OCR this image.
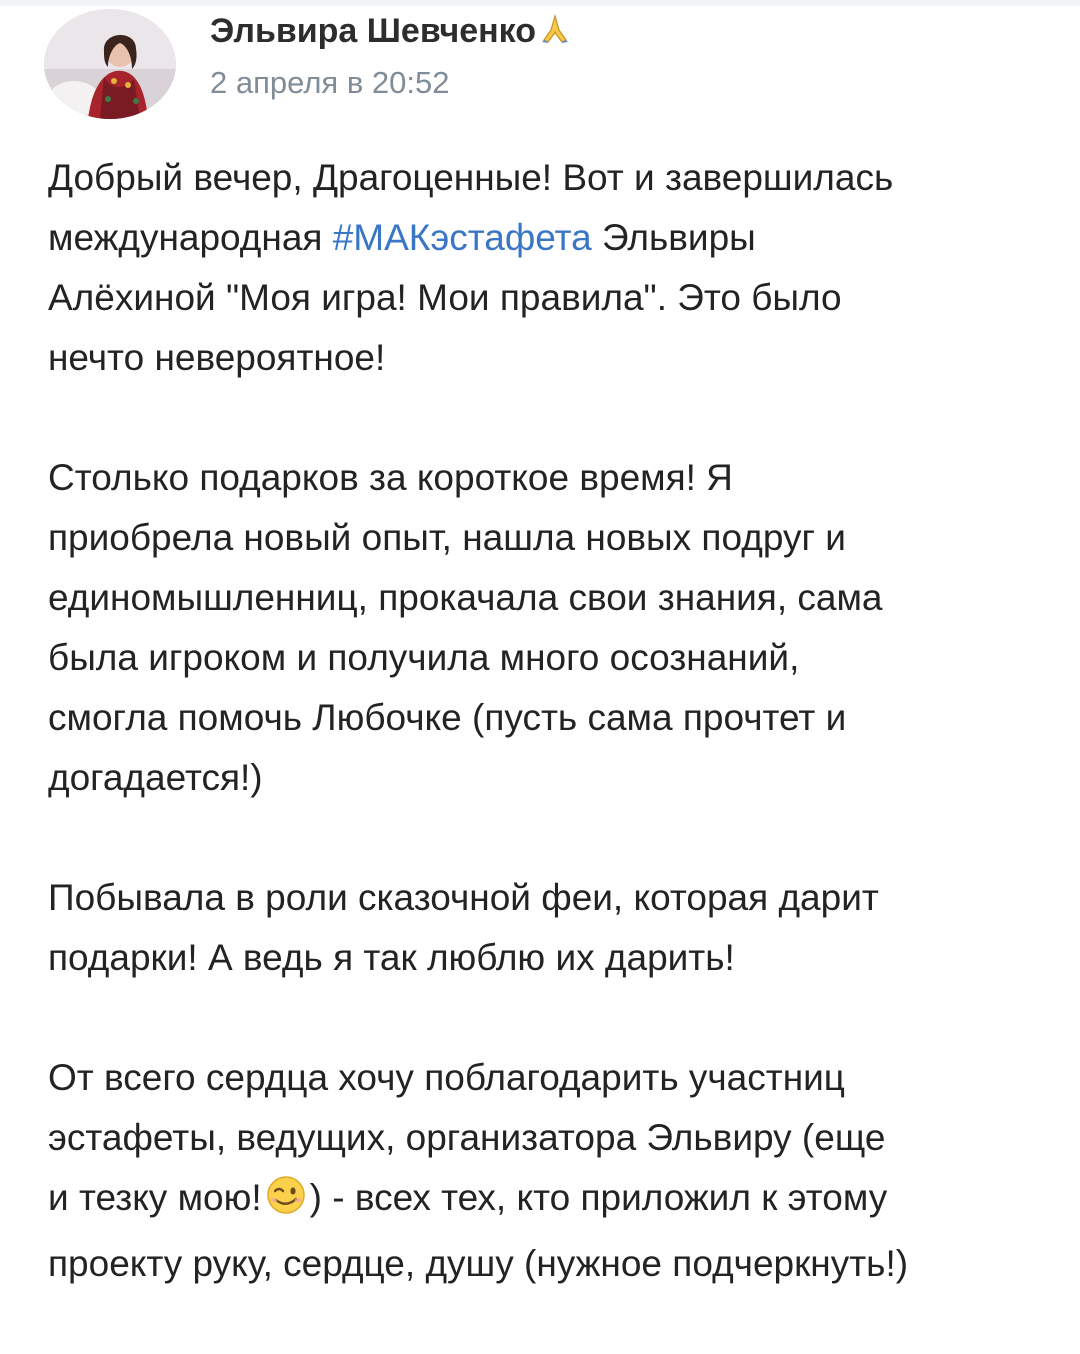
Эльвира Шевченко
2 апреля в 20:52

Добрый вечер, Драгоценные! Вот и завершилась
международная #МАКэстафета Эльвиры
Алёхиной "Моя игра! Мои правила". Это было
нечто невероятное!

Столько подарков за короткое время! Я
приобрела новый опыт, нашла новых подруг и
единомышленниц, прокачала свои знания, сама
была игроком и получила много осознаний,
смогла помочь Любочке (пусть сама прочтет и
догадается!)

Побывала в роли сказочной феи, которая дарит
подарки! А ведь я так люблю их дарить!

От всего сердца хочу поблагодарить участниц
эстафеты, ведущих, организатора Эльвиру (еще
и тезку мою! ) - всех тех, кто приложил к этому
проекту руку, сердце, душу (нужное подчеркнуть!)
